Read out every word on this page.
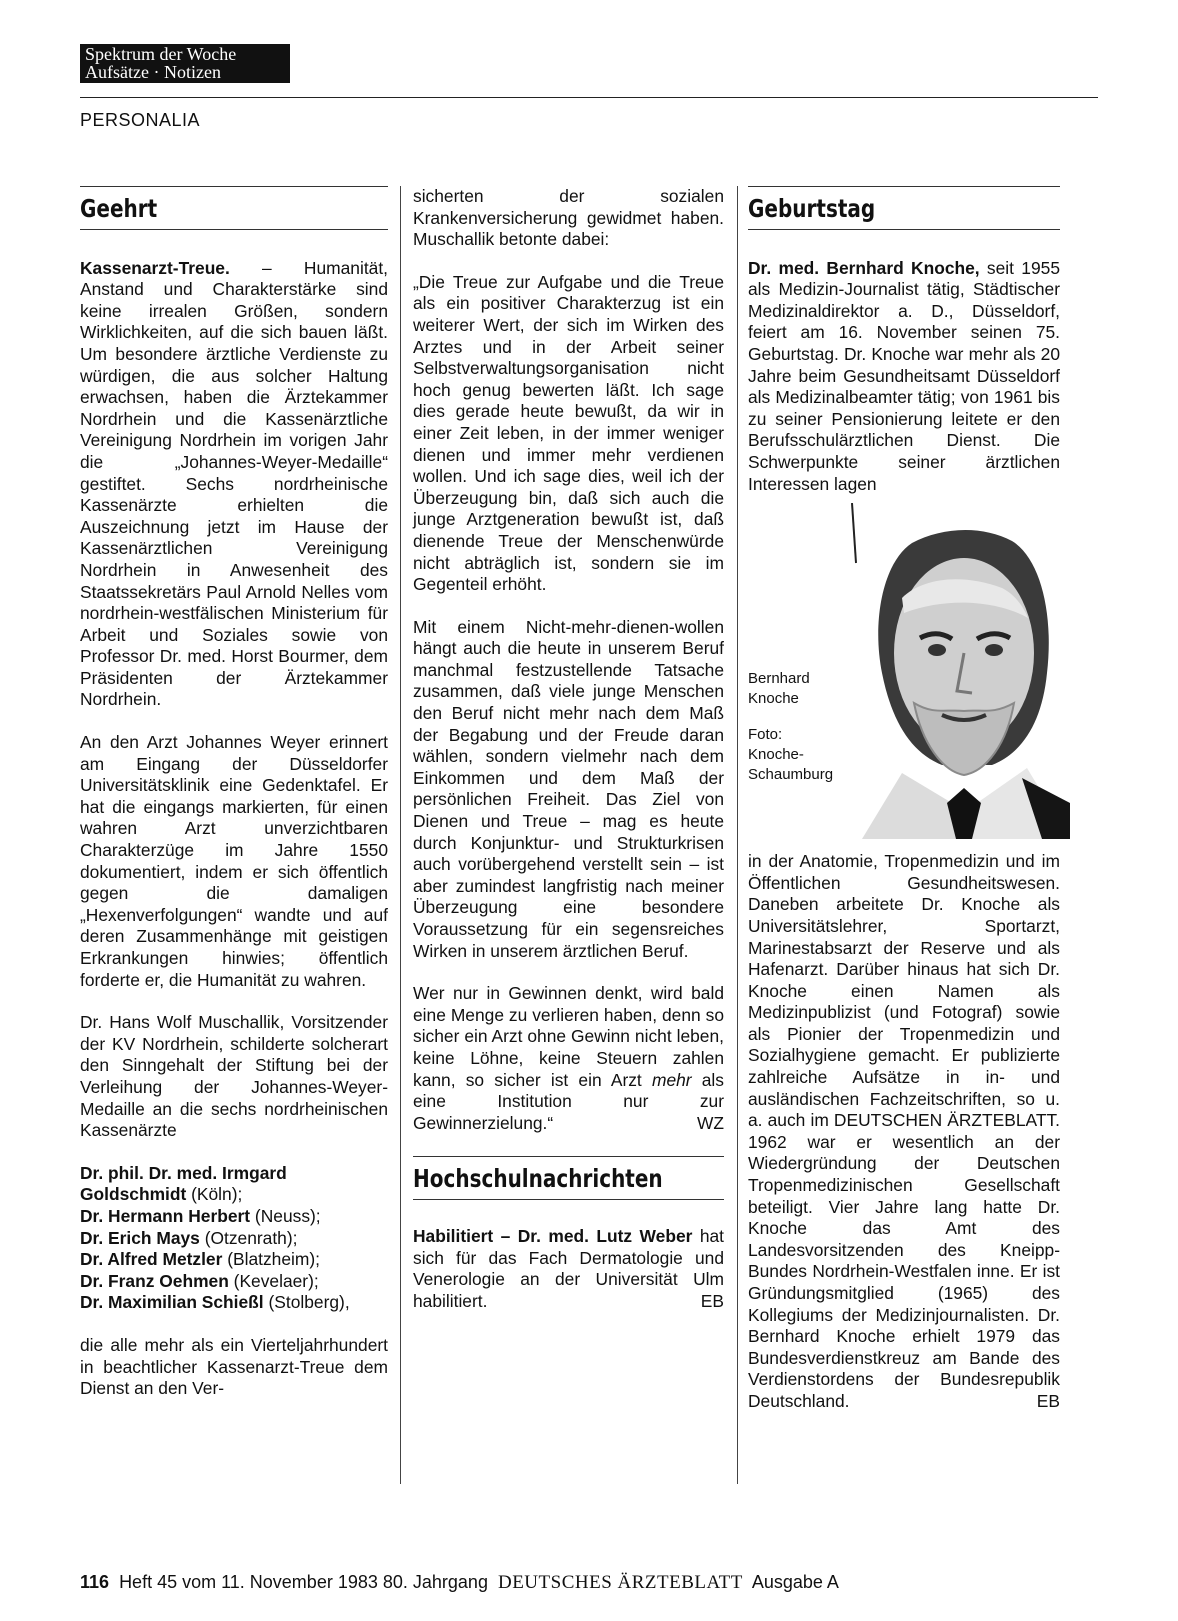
Spektrum der Woche
Aufsätze · Notizen
PERSONALIA
Geehrt

Kassenarzt-Treue. – Humanität, Anstand und Charakterstärke sind keine irrealen Größen, sondern Wirklichkeiten, auf die sich bauen läßt. Um besondere ärztliche Verdienste zu würdigen, die aus solcher Haltung erwachsen, haben die Ärztekammer Nordrhein und die Kassenärztliche Vereinigung Nordrhein im vorigen Jahr die „Johannes-Weyer-Medaille“ gestiftet. Sechs nordrheinische Kassenärzte erhielten die Auszeichnung jetzt im Hause der Kassenärztlichen Vereinigung Nordrhein in Anwesenheit des Staatssekretärs Paul Arnold Nelles vom nordrhein-westfälischen Ministerium für Arbeit und Soziales sowie von Professor Dr. med. Horst Bourmer, dem Präsidenten der Ärztekammer Nordrhein.

An den Arzt Johannes Weyer erinnert am Eingang der Düsseldorfer Universitätsklinik eine Gedenktafel. Er hat die eingangs markierten, für einen wahren Arzt unverzichtbaren Charakterzüge im Jahre 1550 dokumentiert, indem er sich öffentlich gegen die damaligen „Hexenverfolgungen“ wandte und auf deren Zusammenhänge mit geistigen Erkrankungen hinwies; öffentlich forderte er, die Humanität zu wahren.

Dr. Hans Wolf Muschallik, Vorsitzender der KV Nordrhein, schilderte solcherart den Sinngehalt der Stiftung bei der Verleihung der Johannes-Weyer-Medaille an die sechs nordrheinischen Kassenärzte

Dr. phil. Dr. med. Irmgard Goldschmidt (Köln);
Dr. Hermann Herbert (Neuss);
Dr. Erich Mays (Otzenrath);
Dr. Alfred Metzler (Blatzheim);
Dr. Franz Oehmen (Kevelaer);
Dr. Maximilian Schießl (Stolberg),

die alle mehr als ein Vierteljahrhundert in beachtlicher Kassenarzt-Treue dem Dienst an den Ver-

sicherten der sozialen Krankenversicherung gewidmet haben. Muschallik betonte dabei:

„Die Treue zur Aufgabe und die Treue als ein positiver Charakterzug ist ein weiterer Wert, der sich im Wirken des Arztes und in der Arbeit seiner Selbstverwaltungsorganisation nicht hoch genug bewerten läßt. Ich sage dies gerade heute bewußt, da wir in einer Zeit leben, in der immer weniger dienen und immer mehr verdienen wollen. Und ich sage dies, weil ich der Überzeugung bin, daß sich auch die junge Arztgeneration bewußt ist, daß dienende Treue der Menschenwürde nicht abträglich ist, sondern sie im Gegenteil erhöht.

Mit einem Nicht-mehr-dienen-wollen hängt auch die heute in unserem Beruf manchmal festzustellende Tatsache zusammen, daß viele junge Menschen den Beruf nicht mehr nach dem Maß der Begabung und der Freude daran wählen, sondern vielmehr nach dem Einkommen und dem Maß der persönlichen Freiheit. Das Ziel von Dienen und Treue – mag es heute durch Konjunktur- und Strukturkrisen auch vorübergehend verstellt sein – ist aber zumindest langfristig nach meiner Überzeugung eine besondere Voraussetzung für ein segensreiches Wirken in unserem ärztlichen Beruf.

Wer nur in Gewinnen denkt, wird bald eine Menge zu verlieren haben, denn so sicher ein Arzt ohne Gewinn nicht leben, keine Löhne, keine Steuern zahlen kann, so sicher ist ein Arzt mehr als eine Institution nur zur Gewinnerzielung.“	WZ

Hochschulnachrichten

Habilitiert – Dr. med. Lutz Weber hat sich für das Fach Dermatologie und Venerologie an der Universität Ulm habilitiert.	EB

Geburtstag

Dr. med. Bernhard Knoche, seit 1955 als Medizin-Journalist tätig, Städtischer Medizinaldirektor a. D., Düsseldorf, feiert am 16. November seinen 75. Geburtstag. Dr. Knoche war mehr als 20 Jahre beim Gesundheitsamt Düsseldorf als Medizinalbeamter tätig; von 1961 bis zu seiner Pensionierung leitete er den Berufsschulärztlichen Dienst. Die Schwerpunkte seiner ärztlichen Interessen lagen

Bernhard Knoche
Foto: Knoche-Schaumburg

in der Anatomie, Tropenmedizin und im Öffentlichen Gesundheitswesen. Daneben arbeitete Dr. Knoche als Universitätslehrer, Sportarzt, Marinestabsarzt der Reserve und als Hafenarzt. Darüber hinaus hat sich Dr. Knoche einen Namen als Medizinpublizist (und Fotograf) sowie als Pionier der Tropenmedizin und Sozialhygiene gemacht. Er publizierte zahlreiche Aufsätze in in- und ausländischen Fachzeitschriften, so u. a. auch im DEUTSCHEN ÄRZTEBLATT. 1962 war er wesentlich an der Wiedergründung der Deutschen Tropenmedizinischen Gesellschaft beteiligt. Vier Jahre lang hatte Dr. Knoche das Amt des Landesvorsitzenden des Kneipp-Bundes Nordrhein-Westfalen inne. Er ist Gründungsmitglied (1965) des Kollegiums der Medizinjournalisten. Dr. Bernhard Knoche erhielt 1979 das Bundesverdienstkreuz am Bande des Verdienstordens der Bundesrepublik Deutschland.	EB

116 Heft 45 vom 11. November 1983 80. Jahrgang DEUTSCHES ÄRZTEBLATT Ausgabe A
